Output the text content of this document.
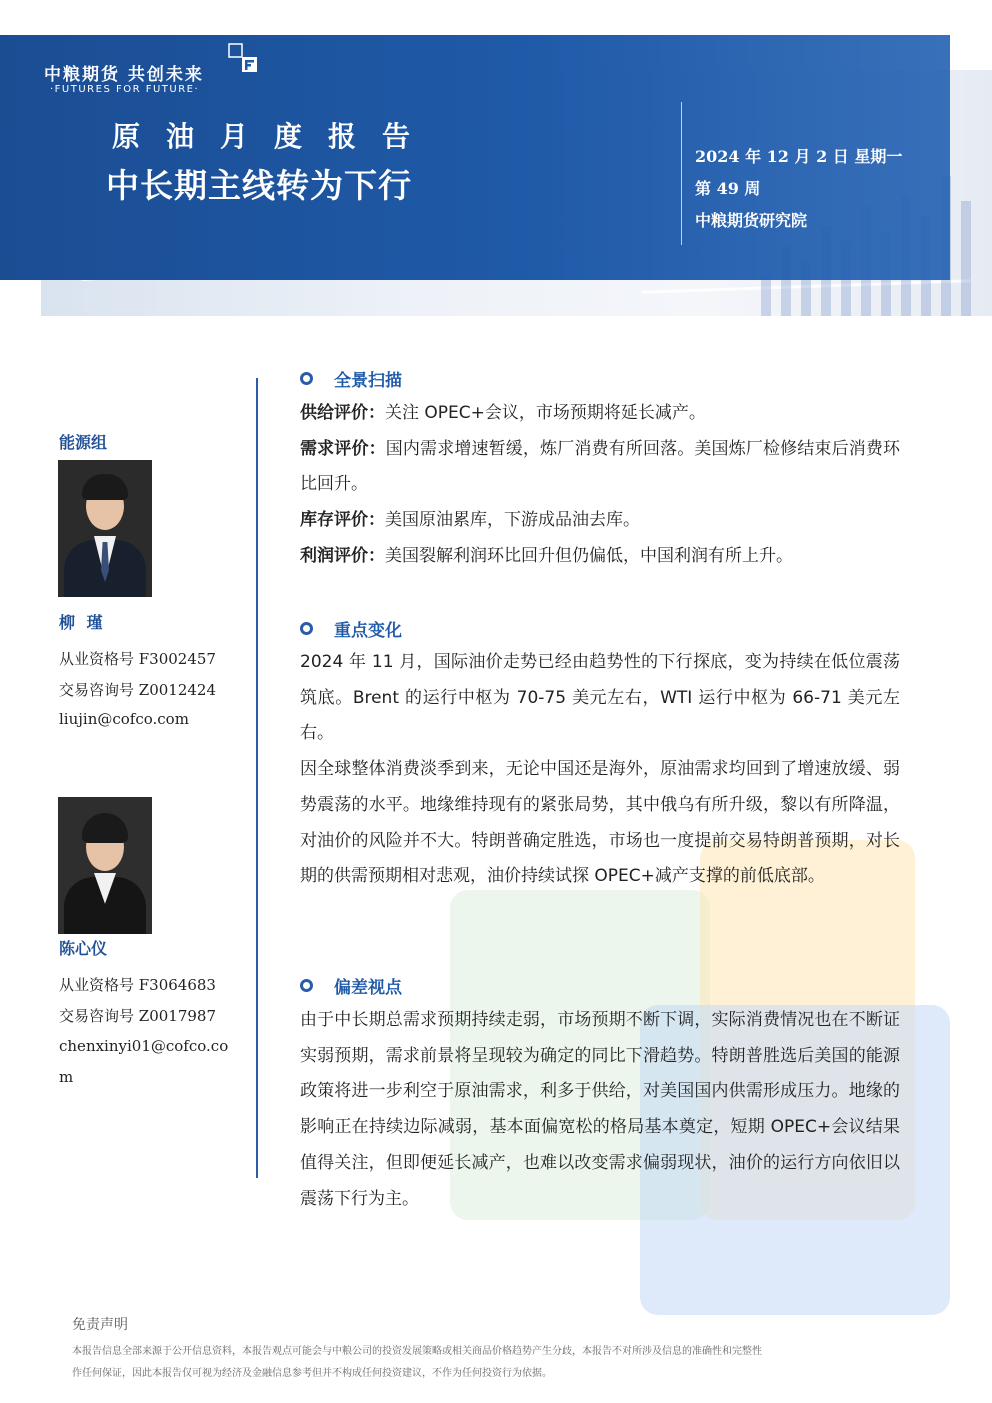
中粮期货 共创未来
·FUTURES FOR FUTURE·
原油月度报告
中长期主线转为下行
2024 年 12 月 2 日 星期一
第 49 周
中粮期货研究院
能源组
柳 瑾
从业资格号 F3002457
交易咨询号 Z0012424
liujin@cofco.com
陈心仪
从业资格号 F3064683
交易咨询号 Z0017987
chenxinyi01@cofco.co
m
全景扫描
供给评价：关注 OPEC+会议，市场预期将延长减产。
需求评价：国内需求增速暂缓，炼厂消费有所回落。美国炼厂检修结束后消费环比回升。
库存评价：美国原油累库，下游成品油去库。
利润评价：美国裂解利润环比回升但仍偏低，中国利润有所上升。
重点变化
2024 年 11 月，国际油价走势已经由趋势性的下行探底，变为持续在低位震荡筑底。Brent 的运行中枢为 70-75 美元左右，WTI 运行中枢为 66-71 美元左右。
因全球整体消费淡季到来，无论中国还是海外，原油需求均回到了增速放缓、弱势震荡的水平。地缘维持现有的紧张局势，其中俄乌有所升级，黎以有所降温，对油价的风险并不大。特朗普确定胜选，市场也一度提前交易特朗普预期，对长期的供需预期相对悲观，油价持续试探 OPEC+减产支撑的前低底部。
偏差视点
由于中长期总需求预期持续走弱，市场预期不断下调，实际消费情况也在不断证实弱预期，需求前景将呈现较为确定的同比下滑趋势。特朗普胜选后美国的能源政策将进一步利空于原油需求，利多于供给，对美国国内供需形成压力。地缘的影响正在持续边际减弱，基本面偏宽松的格局基本奠定，短期 OPEC+会议结果值得关注，但即便延长减产，也难以改变需求偏弱现状，油价的运行方向依旧以震荡下行为主。
免责声明
本报告信息全部来源于公开信息资料，本报告观点可能会与中粮公司的投资发展策略或相关商品价格趋势产生分歧，本报告不对所涉及信息的准确性和完整性
作任何保证，因此本报告仅可视为经济及金融信息参考但并不构成任何投资建议，不作为任何投资行为依据。
